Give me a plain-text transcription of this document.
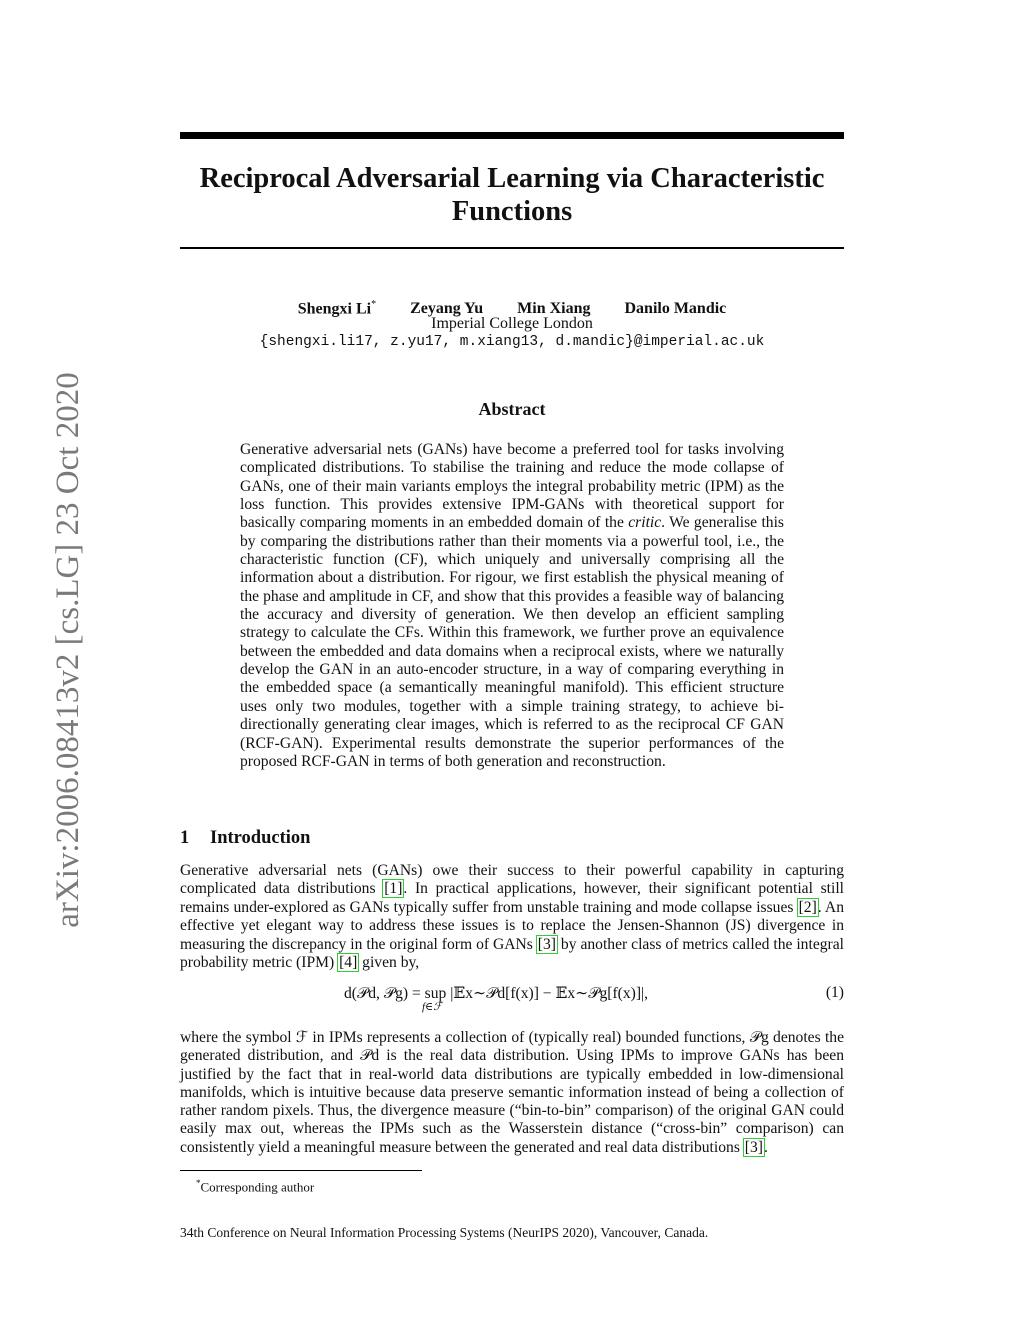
arXiv:2006.08413v2 [cs.LG] 23 Oct 2020
Reciprocal Adversarial Learning via Characteristic Functions
Shengxi Li* Zeyang Yu Min Xiang Danilo Mandic
Imperial College London
{shengxi.li17, z.yu17, m.xiang13, d.mandic}@imperial.ac.uk
Abstract
Generative adversarial nets (GANs) have become a preferred tool for tasks involving complicated distributions. To stabilise the training and reduce the mode collapse of GANs, one of their main variants employs the integral probability metric (IPM) as the loss function. This provides extensive IPM-GANs with theoretical support for basically comparing moments in an embedded domain of the critic. We generalise this by comparing the distributions rather than their moments via a powerful tool, i.e., the characteristic function (CF), which uniquely and universally comprising all the information about a distribution. For rigour, we first establish the physical meaning of the phase and amplitude in CF, and show that this provides a feasible way of balancing the accuracy and diversity of generation. We then develop an efficient sampling strategy to calculate the CFs. Within this framework, we further prove an equivalence between the embedded and data domains when a reciprocal exists, where we naturally develop the GAN in an auto-encoder structure, in a way of comparing everything in the embedded space (a semantically meaningful manifold). This efficient structure uses only two modules, together with a simple training strategy, to achieve bi-directionally generating clear images, which is referred to as the reciprocal CF GAN (RCF-GAN). Experimental results demonstrate the superior performances of the proposed RCF-GAN in terms of both generation and reconstruction.
1 Introduction
Generative adversarial nets (GANs) owe their success to their powerful capability in capturing complicated data distributions [1]. In practical applications, however, their significant potential still remains under-explored as GANs typically suffer from unstable training and mode collapse issues [2]. An effective yet elegant way to address these issues is to replace the Jensen-Shannon (JS) divergence in measuring the discrepancy in the original form of GANs [3] by another class of metrics called the integral probability metric (IPM) [4] given by,
d(𝒫d, 𝒫g) = sup |𝔼x∼𝒫d[f(x)] − 𝔼x∼𝒫g[f(x)]|,
f∈ℱ
(1)
where the symbol ℱ in IPMs represents a collection of (typically real) bounded functions, 𝒫g denotes the generated distribution, and 𝒫d is the real data distribution. Using IPMs to improve GANs has been justified by the fact that in real-world data distributions are typically embedded in low-dimensional manifolds, which is intuitive because data preserve semantic information instead of being a collection of rather random pixels. Thus, the divergence measure (“bin-to-bin” comparison) of the original GAN could easily max out, whereas the IPMs such as the Wasserstein distance (“cross-bin” comparison) can consistently yield a meaningful measure between the generated and real data distributions [3].
*Corresponding author
34th Conference on Neural Information Processing Systems (NeurIPS 2020), Vancouver, Canada.
